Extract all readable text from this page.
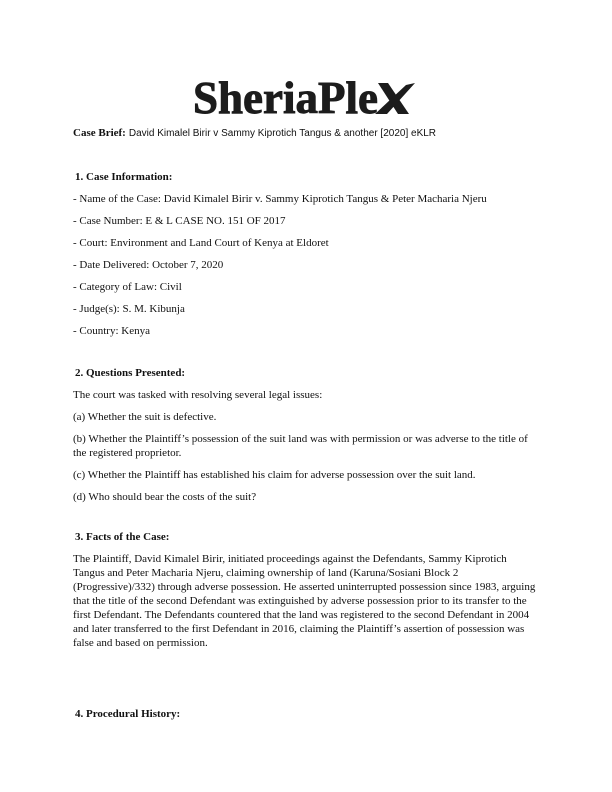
SheriaPle
Case Brief: David Kimalel Birir v Sammy Kiprotich Tangus & another [2020] eKLR
1. Case Information:
- Name of the Case: David Kimalel Birir v. Sammy Kiprotich Tangus & Peter Macharia Njeru
- Case Number: E & L CASE NO. 151 OF 2017
- Court: Environment and Land Court of Kenya at Eldoret
- Date Delivered: October 7, 2020
- Category of Law: Civil
- Judge(s): S. M. Kibunja
- Country: Kenya
2. Questions Presented:
The court was tasked with resolving several legal issues:
(a) Whether the suit is defective.
(b) Whether the Plaintiff’s possession of the suit land was with permission or was adverse to the title of the registered proprietor.
(c) Whether the Plaintiff has established his claim for adverse possession over the suit land.
(d) Who should bear the costs of the suit?
3. Facts of the Case:
The Plaintiff, David Kimalel Birir, initiated proceedings against the Defendants, Sammy Kiprotich Tangus and Peter Macharia Njeru, claiming ownership of land (Karuna/Sosiani Block 2 (Progressive)/332) through adverse possession. He asserted uninterrupted possession since 1983, arguing that the title of the second Defendant was extinguished by adverse possession prior to its transfer to the first Defendant. The Defendants countered that the land was registered to the second Defendant in 2004 and later transferred to the first Defendant in 2016, claiming the Plaintiff’s assertion of possession was false and based on permission.
4. Procedural History:
